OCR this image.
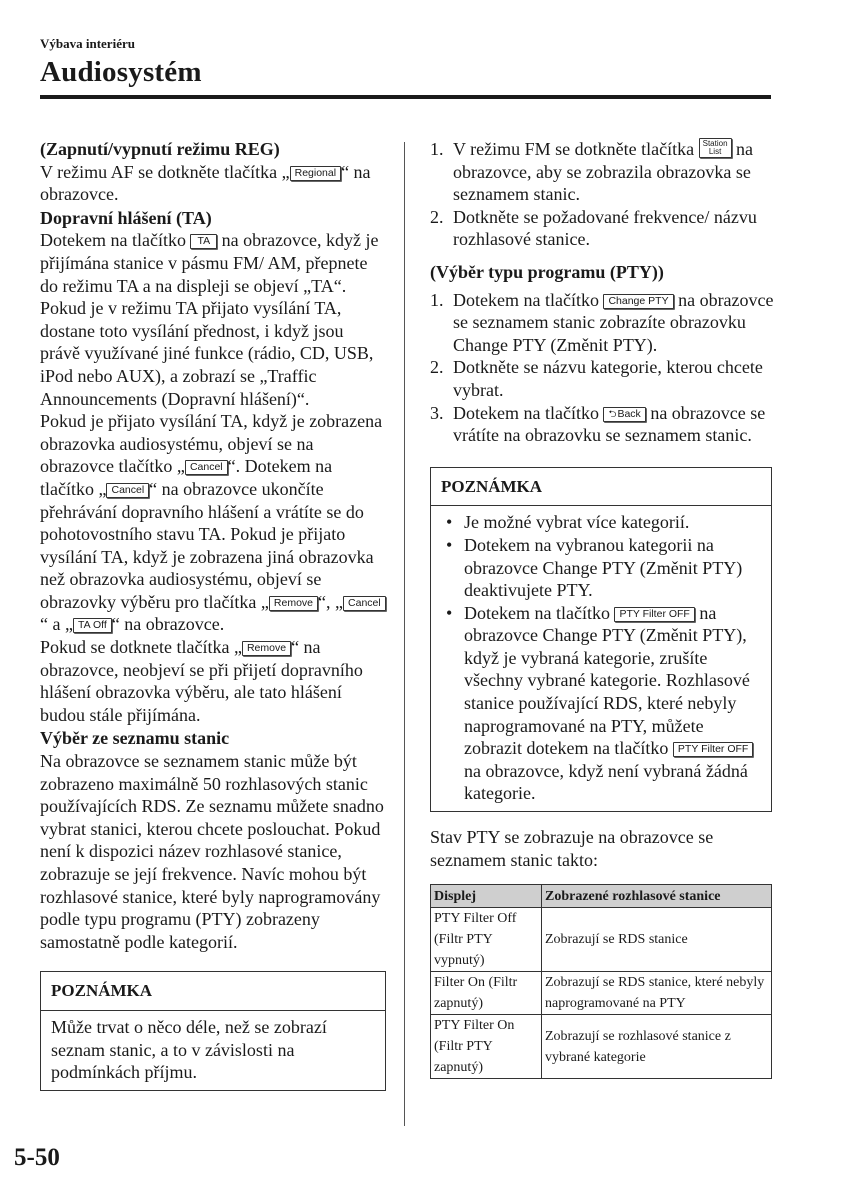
Výbava interiéru
Audiosystém

(Zapnutí/vypnutí režimu REG)

V režimu AF se dotkněte tlačítka „ Regional “ na obrazovce.

Dopravní hlášení (TA)

Dotekem na tlačítko TA na obrazovce, když je přijímána stanice v pásmu FM/ AM, přepnete do režimu TA a na displeji se objeví „TA“.

Pokud je v režimu TA přijato vysílání TA, dostane toto vysílání přednost, i když jsou právě využívané jiné funkce (rádio, CD, USB, iPod nebo AUX), a zobrazí se „Traffic Announcements (Dopravní hlášení)“.

Pokud je přijato vysílání TA, když je zobrazena obrazovka audiosystému, objeví se na obrazovce tlačítko „ Cancel “. Dotekem na tlačítko „ Cancel “ na obrazovce ukončíte přehrávání dopravního hlášení a vrátíte se do pohotovostního stavu TA. Pokud je přijato vysílání TA, když je zobrazena jiná obrazovka než obrazovka audiosystému, objeví se obrazovky výběru pro tlačítka „ Remove “, „ Cancel“ a „ TA Off “ na obrazovce.

Pokud se dotknete tlačítka „ Remove “ na obrazovce, neobjeví se při přijetí dopravního hlášení obrazovka výběru, ale tato hlášení budou stále přijímána.

Výběr ze seznamu stanic

Na obrazovce se seznamem stanic může být zobrazeno maximálně 50 rozhlasových stanic používajících RDS. Ze seznamu můžete snadno vybrat stanici, kterou chcete poslouchat. Pokud není k dispozici název rozhlasové stanice, zobrazuje se její frekvence. Navíc mohou být rozhlasové stanice, které byly naprogramovány podle typu programu (PTY) zobrazeny samostatně podle kategorií.

POZNÁMKA
Může trvat o něco déle, než se zobrazí seznam stanic, a to v závislosti na podmínkách příjmu.
1. V režimu FM se dotkněte tlačítka Station
List na obrazovce, aby se zobrazila obrazovka se seznamem stanic.
2. Dotkněte se požadované frekvence/ názvu rozhlasové stanice.

(Výběr typu programu (PTY))

1. Dotekem na tlačítko Change PTY na obrazovce se seznamem stanic zobrazíte obrazovku Change PTY (Změnit PTY).
2. Dotkněte se názvu kategorie, kterou chcete vybrat.
3. Dotekem na tlačítko ⮌Back na obrazovce se vrátíte na obrazovku se seznamem stanic.
POZNÁMKA
• Je možné vybrat více kategorií.
• Dotekem na vybranou kategorii na obrazovce Change PTY (Změnit PTY) deaktivujete PTY.
• Dotekem na tlačítko PTY Filter OFF na obrazovce Change PTY (Změnit PTY), když je vybraná kategorie, zrušíte všechny vybrané kategorie. Rozhlasové stanice používající RDS, které nebyly naprogramované na PTY, můžete zobrazit dotekem na tlačítko PTY Filter OFF na obrazovce, když není vybraná žádná kategorie.

Stav PTY se zobrazuje na obrazovce se seznamem stanic takto:

Displej	Zobrazené rozhlasové stanice
PTY Filter Off (Filtr PTY vypnutý)	Zobrazují se RDS stanice
Filter On (Filtr zapnutý)	Zobrazují se RDS stanice, které nebyly naprogramované na PTY
PTY Filter On (Filtr PTY zapnutý)	Zobrazují se rozhlasové stanice z vybrané kategorie
5-50
